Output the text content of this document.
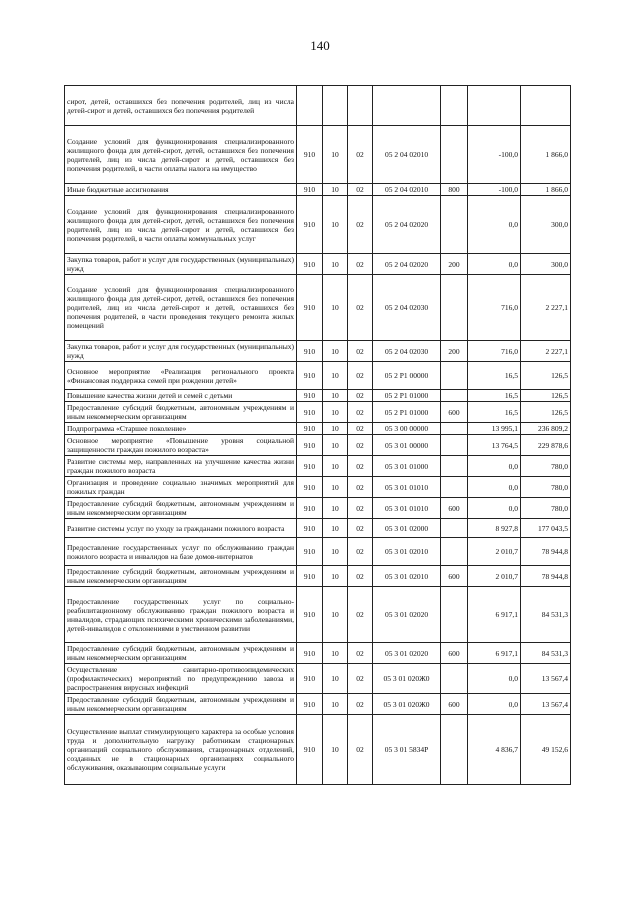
140
сирот, детей, оставшихся без попечения родителей, лиц из числа детей-сирот и детей, оставшихся без попечения родителей							
Создание условий для функционирования специализированного жилищного фонда для детей-сирот, детей, оставшихся без попечения родителей, лиц из числа детей-сирот и детей, оставшихся без попечения родителей, в части оплаты налога на имущество	910	10	02	05 2 04 02010		-100,0	1 866,0
Иные бюджетные ассигнования	910	10	02	05 2 04 02010	800	-100,0	1 866,0
Создание условий для функционирования специализированного жилищного фонда для детей-сирот, детей, оставшихся без попечения родителей, лиц из числа детей-сирот и детей, оставшихся без попечения родителей, в части оплаты коммунальных услуг	910	10	02	05 2 04 02020		0,0	300,0
Закупка товаров, работ и услуг для государственных (муниципальных) нужд	910	10	02	05 2 04 02020	200	0,0	300,0
Создание условий для функционирования специализированного жилищного фонда для детей-сирот, детей, оставшихся без попечения родителей, лиц из числа детей-сирот и детей, оставшихся без попечения родителей, в части проведения текущего ремонта жилых помещений	910	10	02	05 2 04 02030		716,0	2 227,1
Закупка товаров, работ и услуг для государственных (муниципальных) нужд	910	10	02	05 2 04 02030	200	716,0	2 227,1
Основное мероприятие «Реализация регионального проекта «Финансовая поддержка семей при рождении детей»	910	10	02	05 2 P1 00000		16,5	126,5
Повышение качества жизни детей и семей с детьми	910	10	02	05 2 P1 01000		16,5	126,5
Предоставление субсидий бюджетным, автономным учреждениям и иным некоммерческим организациям	910	10	02	05 2 P1 01000	600	16,5	126,5
Подпрограмма «Старшее поколение»	910	10	02	05 3 00 00000		13 995,1	236 809,2
Основное мероприятие «Повышение уровня социальной защищенности граждан пожилого возраста»	910	10	02	05 3 01 00000		13 764,5	229 878,6
Развитие системы мер, направленных на улучшение качества жизни граждан пожилого возраста	910	10	02	05 3 01 01000		0,0	780,0
Организация и проведение социально значимых мероприятий для пожилых граждан	910	10	02	05 3 01 01010		0,0	780,0
Предоставление субсидий бюджетным, автономным учреждениям и иным некоммерческим организациям	910	10	02	05 3 01 01010	600	0,0	780,0
Развитие системы услуг по уходу за гражданами пожилого возраста	910	10	02	05 3 01 02000		8 927,8	177 043,5
Предоставление государственных услуг по обслуживанию граждан пожилого возраста и инвалидов на базе домов-интернатов	910	10	02	05 3 01 02010		2 010,7	78 944,8
Предоставление субсидий бюджетным, автономным учреждениям и иным некоммерческим организациям	910	10	02	05 3 01 02010	600	2 010,7	78 944,8
Предоставление государственных услуг по социально-реабилитационному обслуживанию граждан пожилого возраста и инвалидов, страдающих психическими хроническими заболеваниями, детей-инвалидов с отклонениями в умственном развитии	910	10	02	05 3 01 02020		6 917,1	84 531,3
Предоставление субсидий бюджетным, автономным учреждениям и иным некоммерческим организациям	910	10	02	05 3 01 02020	600	6 917,1	84 531,3
Осуществление санитарно-противоэпидемических (профилактических) мероприятий по предупреждению завоза и распространения вирусных инфекций	910	10	02	05 3 01 020Ж0		0,0	13 567,4
Предоставление субсидий бюджетным, автономным учреждениям и иным некоммерческим организациям	910	10	02	05 3 01 020Ж0	600	0,0	13 567,4
Осуществление выплат стимулирующего характера за особые условия труда и дополнительную нагрузку работникам стационарных организаций социального обслуживания, стационарных отделений, созданных не в стационарных организациях социального обслуживания, оказывающим социальные услуги	910	10	02	05 3 01 5834P		4 836,7	49 152,6
